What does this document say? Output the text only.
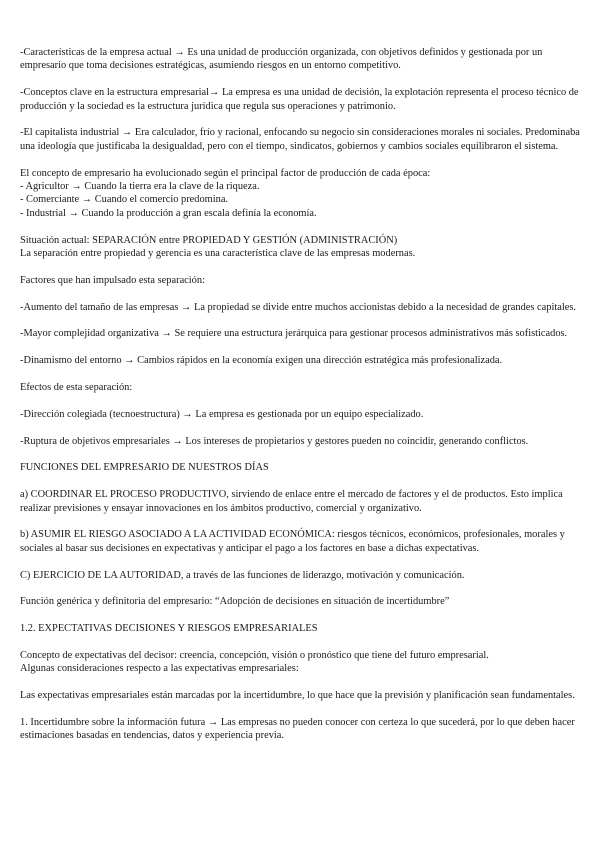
-Características de la empresa actual → Es una unidad de producción organizada, con objetivos definidos y gestionada por un empresario que toma decisiones estratégicas, asumiendo riesgos en un entorno competitivo.

-Conceptos clave en la estructura empresarial→ La empresa es una unidad de decisión, la explotación representa el proceso técnico de producción y la sociedad es la estructura jurídica que regula sus operaciones y patrimonio.

-El capitalista industrial → Era calculador, frío y racional, enfocando su negocio sin consideraciones morales ni sociales. Predominaba una ideología que justificaba la desigualdad, pero con el tiempo, sindicatos, gobiernos y cambios sociales equilibraron el sistema.

El concepto de empresario ha evolucionado según el principal factor de producción de cada época:
- Agricultor → Cuando la tierra era la clave de la riqueza.
- Comerciante → Cuando el comercio predomina.
- Industrial → Cuando la producción a gran escala definía la economía.

Situación actual: SEPARACIÓN entre PROPIEDAD Y GESTIÓN (ADMINISTRACIÓN)
La separación entre propiedad y gerencia es una característica clave de las empresas modernas.

Factores que han impulsado esta separación:

-Aumento del tamaño de las empresas → La propiedad se divide entre muchos accionistas debido a la necesidad de grandes capitales.

-Mayor complejidad organizativa → Se requiere una estructura jerárquica para gestionar procesos administrativos más sofisticados.

-Dinamismo del entorno → Cambios rápidos en la economía exigen una dirección estratégica más profesionalizada.

Efectos de esta separación:

-Dirección colegiada (tecnoestructura) → La empresa es gestionada por un equipo especializado.

-Ruptura de objetivos empresariales → Los intereses de propietarios y gestores pueden no coincidir, generando conflictos.

FUNCIONES DEL EMPRESARIO DE NUESTROS DÍAS

a) COORDINAR EL PROCESO PRODUCTIVO, sirviendo de enlace entre el mercado de factores y el de productos. Esto implica realizar previsiones y ensayar innovaciones en los ámbitos productivo, comercial y organizativo.

b) ASUMIR EL RIESGO ASOCIADO A LA ACTIVIDAD ECONÓMICA: riesgos técnicos, económicos, profesionales, morales y sociales al basar sus decisiones en expectativas y anticipar el pago a los factores en base a dichas expectativas.

C) EJERCICIO DE LA AUTORIDAD, a través de las funciones de liderazgo, motivación y comunicación.

Función genérica y definitoria del empresario: “Adopción de decisiones en situación de incertidumbre”

1.2. EXPECTATIVAS DECISIONES Y RIESGOS EMPRESARIALES

Concepto de expectativas del decisor: creencia, concepción, visión o pronóstico que tiene del futuro empresarial.
Algunas consideraciones respecto a las expectativas empresariales:

Las expectativas empresariales están marcadas por la incertidumbre, lo que hace que la previsión y planificación sean fundamentales.

1. Incertidumbre sobre la información futura → Las empresas no pueden conocer con certeza lo que sucederá, por lo que deben hacer estimaciones basadas en tendencias, datos y experiencia previa.
